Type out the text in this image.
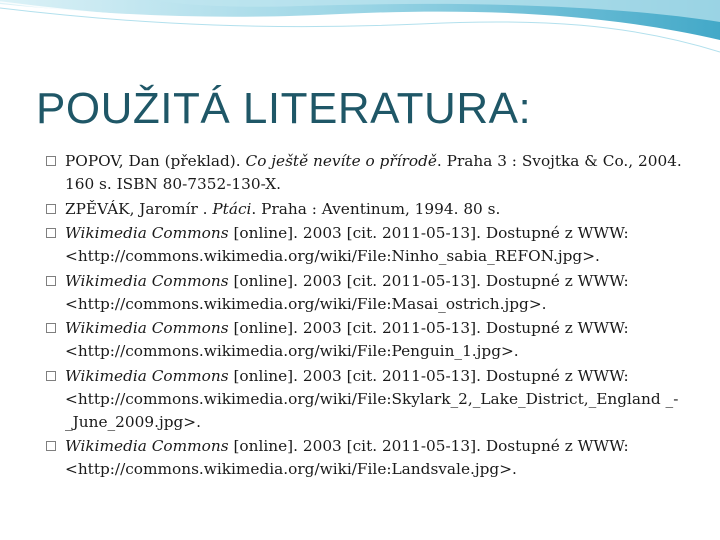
POUŽITÁ LITERATURA:
POPOV, Dan (překlad). Co ještě nevíte o přírodě. Praha 3 : Svojtka & Co., 2004. 160 s. ISBN 80-7352-130-X.
ZPĚVÁK, Jaromír . Ptáci. Praha : Aventinum, 1994. 80 s.
Wikimedia Commons [online]. 2003 [cit. 2011-05-13]. Dostupné z WWW: <http://commons.wikimedia.org/wiki/File:Ninho_sabia_REFON.jpg>.
Wikimedia Commons [online]. 2003 [cit. 2011-05-13]. Dostupné z WWW: <http://commons.wikimedia.org/wiki/File:Masai_ostrich.jpg>.
Wikimedia Commons [online]. 2003 [cit. 2011-05-13]. Dostupné z WWW: <http://commons.wikimedia.org/wiki/File:Penguin_1.jpg>.
Wikimedia Commons [online]. 2003 [cit. 2011-05-13]. Dostupné z WWW: <http://commons.wikimedia.org/wiki/File:Skylark_2,_Lake_District,_England _-_June_2009.jpg>.
Wikimedia Commons [online]. 2003 [cit. 2011-05-13]. Dostupné z WWW: <http://commons.wikimedia.org/wiki/File:Landsvale.jpg>.
